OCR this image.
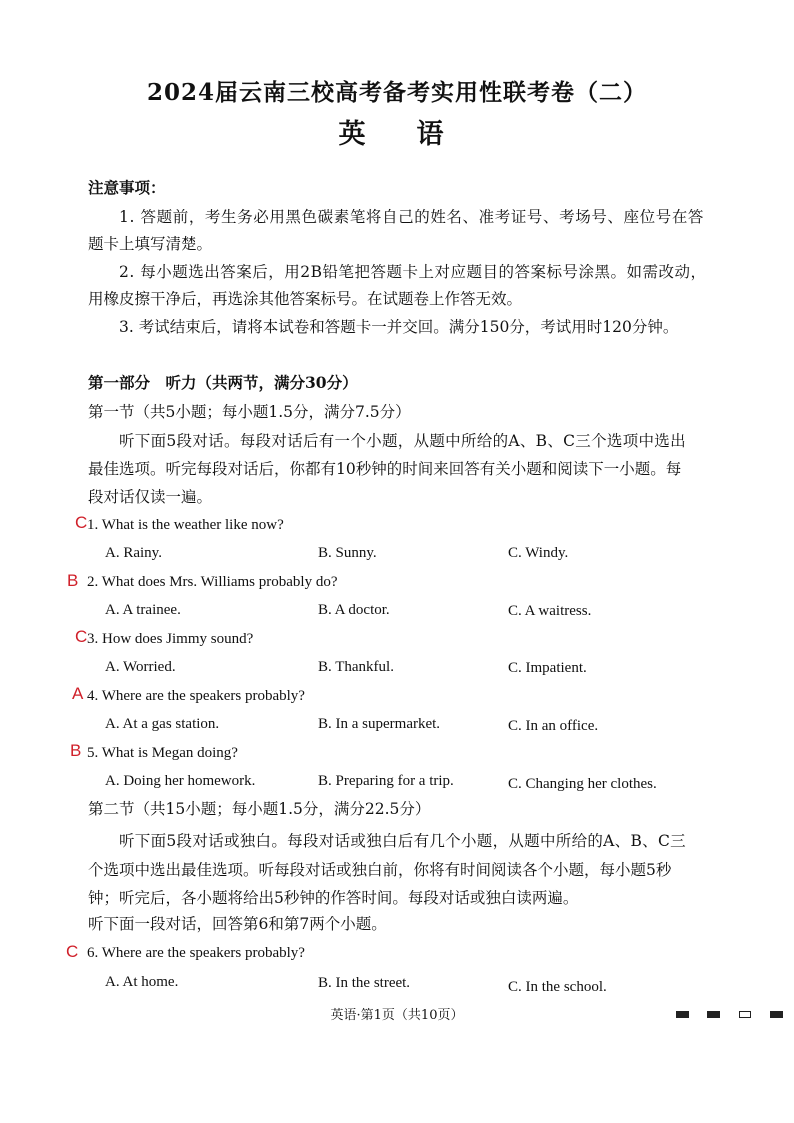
2024届云南三校高考备考实用性联考卷（二）
英　语
注意事项：
1. 答题前，考生务必用黑色碳素笔将自己的姓名、准考证号、考场号、座位号在答
题卡上填写清楚。
2. 每小题选出答案后，用2B铅笔把答题卡上对应题目的答案标号涂黑。如需改动，
用橡皮擦干净后，再选涂其他答案标号。在试题卷上作答无效。
3. 考试结束后，请将本试卷和答题卡一并交回。满分150分，考试用时120分钟。
第一部分　听力（共两节，满分30分）
第一节（共5小题；每小题1.5分，满分7.5分）
听下面5段对话。每段对话后有一个小题，从题中所给的A、B、C三个选项中选出
最佳选项。听完每段对话后，你都有10秒钟的时间来回答有关小题和阅读下一小题。每
段对话仅读一遍。
C 1. What is the weather like now?
A. Rainy.	B. Sunny.	C. Windy.
B 2. What does Mrs. Williams probably do?
A. A trainee.	B. A doctor.	C. A waitress.
C 3. How does Jimmy sound?
A. Worried.	B. Thankful.	C. Impatient.
A 4. Where are the speakers probably?
A. At a gas station.	B. In a supermarket.	C. In an office.
B 5. What is Megan doing?
A. Doing her homework.	B. Preparing for a trip.	C. Changing her clothes.
第二节（共15小题；每小题1.5分，满分22.5分）
听下面5段对话或独白。每段对话或独白后有几个小题，从题中所给的A、B、C三
个选项中选出最佳选项。听每段对话或独白前，你将有时间阅读各个小题，每小题5秒
钟；听完后，各小题将给出5秒钟的作答时间。每段对话或独白读两遍。
听下面一段对话，回答第6和第7两个小题。
C 6. Where are the speakers probably?
A. At home.	B. In the street.	C. In the school.
英语·第1页（共10页）
